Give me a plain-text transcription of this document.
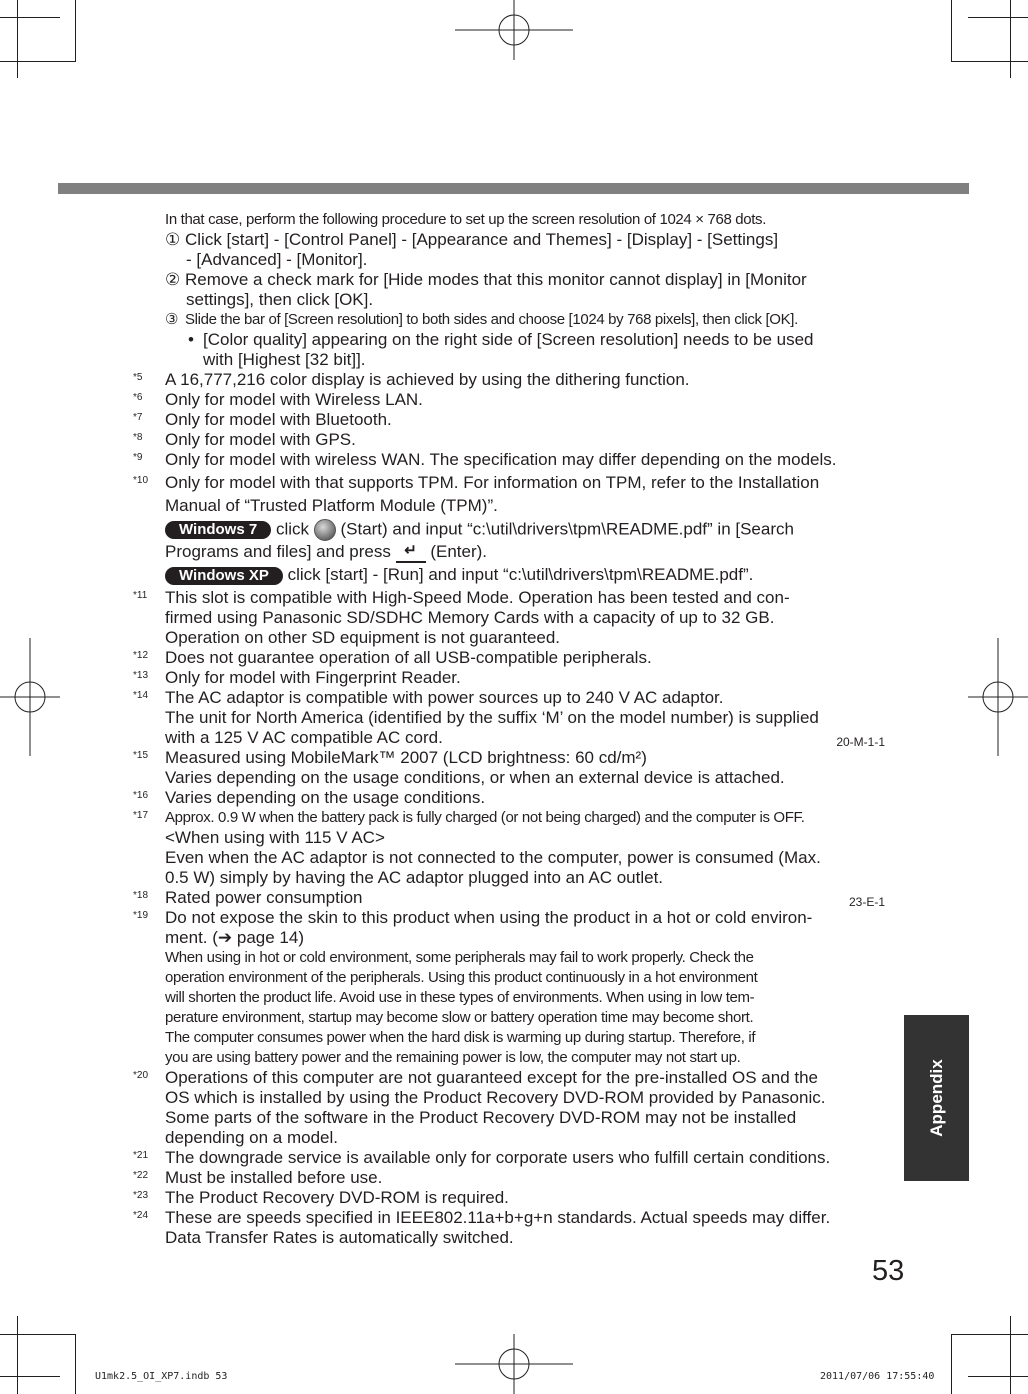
In that case, perform the following procedure to set up the screen resolution of 1024 × 768 dots.
① Click [start] - [Control Panel] - [Appearance and Themes] - [Display] - [Settings]
- [Advanced] - [Monitor].
② Remove a check mark for [Hide modes that this monitor cannot display] in [Monitor
settings], then click [OK].
③ Slide the bar of [Screen resolution] to both sides and choose [1024 by 768 pixels], then click [OK].
• [Color quality] appearing on the right side of [Screen resolution] needs to be used
with [Highest [32 bit]].
*5 A 16,777,216 color display is achieved by using the dithering function.
*6 Only for model with Wireless LAN.
*7 Only for model with Bluetooth.
*8 Only for model with GPS.
*9 Only for model with wireless WAN. The specification may differ depending on the models.
*10 Only for model with that supports TPM. For information on TPM, refer to the Installation
Manual of “Trusted Platform Module (TPM)”.
Windows 7 click (Start) and input “c:\util\drivers\tpm\README.pdf” in [Search
Programs and files] and press ↵ (Enter).
Windows XP click [start] - [Run] and input “c:\util\drivers\tpm\README.pdf”.
*11 This slot is compatible with High-Speed Mode. Operation has been tested and con-
firmed using Panasonic SD/SDHC Memory Cards with a capacity of up to 32 GB.
Operation on other SD equipment is not guaranteed.
*12 Does not guarantee operation of all USB-compatible peripherals.
*13 Only for model with Fingerprint Reader.
*14 The AC adaptor is compatible with power sources up to 240 V AC adaptor.
The unit for North America (identified by the suffix ‘M’ on the model number) is supplied
with a 125 V AC compatible AC cord.	20-M-1-1
*15 Measured using MobileMark™ 2007 (LCD brightness: 60 cd/m²)
Varies depending on the usage conditions, or when an external device is attached.
*16 Varies depending on the usage conditions.
*17 Approx. 0.9 W when the battery pack is fully charged (or not being charged) and the computer is OFF.
<When using with 115 V AC>
Even when the AC adaptor is not connected to the computer, power is consumed (Max.
0.5 W) simply by having the AC adaptor plugged into an AC outlet.
*18 Rated power consumption	23-E-1
*19 Do not expose the skin to this product when using the product in a hot or cold environ-
ment. (➔ page 14)
When using in hot or cold environment, some peripherals may fail to work properly. Check the
operation environment of the peripherals. Using this product continuously in a hot environment
will shorten the product life. Avoid use in these types of environments. When using in low tem-
perature environment, startup may become slow or battery operation time may become short.
The computer consumes power when the hard disk is warming up during startup. Therefore, if
you are using battery power and the remaining power is low, the computer may not start up.
*20 Operations of this computer are not guaranteed except for the pre-installed OS and the
OS which is installed by using the Product Recovery DVD-ROM provided by Panasonic.
Some parts of the software in the Product Recovery DVD-ROM may not be installed
depending on a model.
*21 The downgrade service is available only for corporate users who fulfill certain conditions.
*22 Must be installed before use.
*23 The Product Recovery DVD-ROM is required.
*24 These are speeds specified in IEEE802.11a+b+g+n standards. Actual speeds may differ.
Data Transfer Rates is automatically switched.
Appendix
53
U1mk2.5_OI_XP7.indb 53	2011/07/06 17:55:40
